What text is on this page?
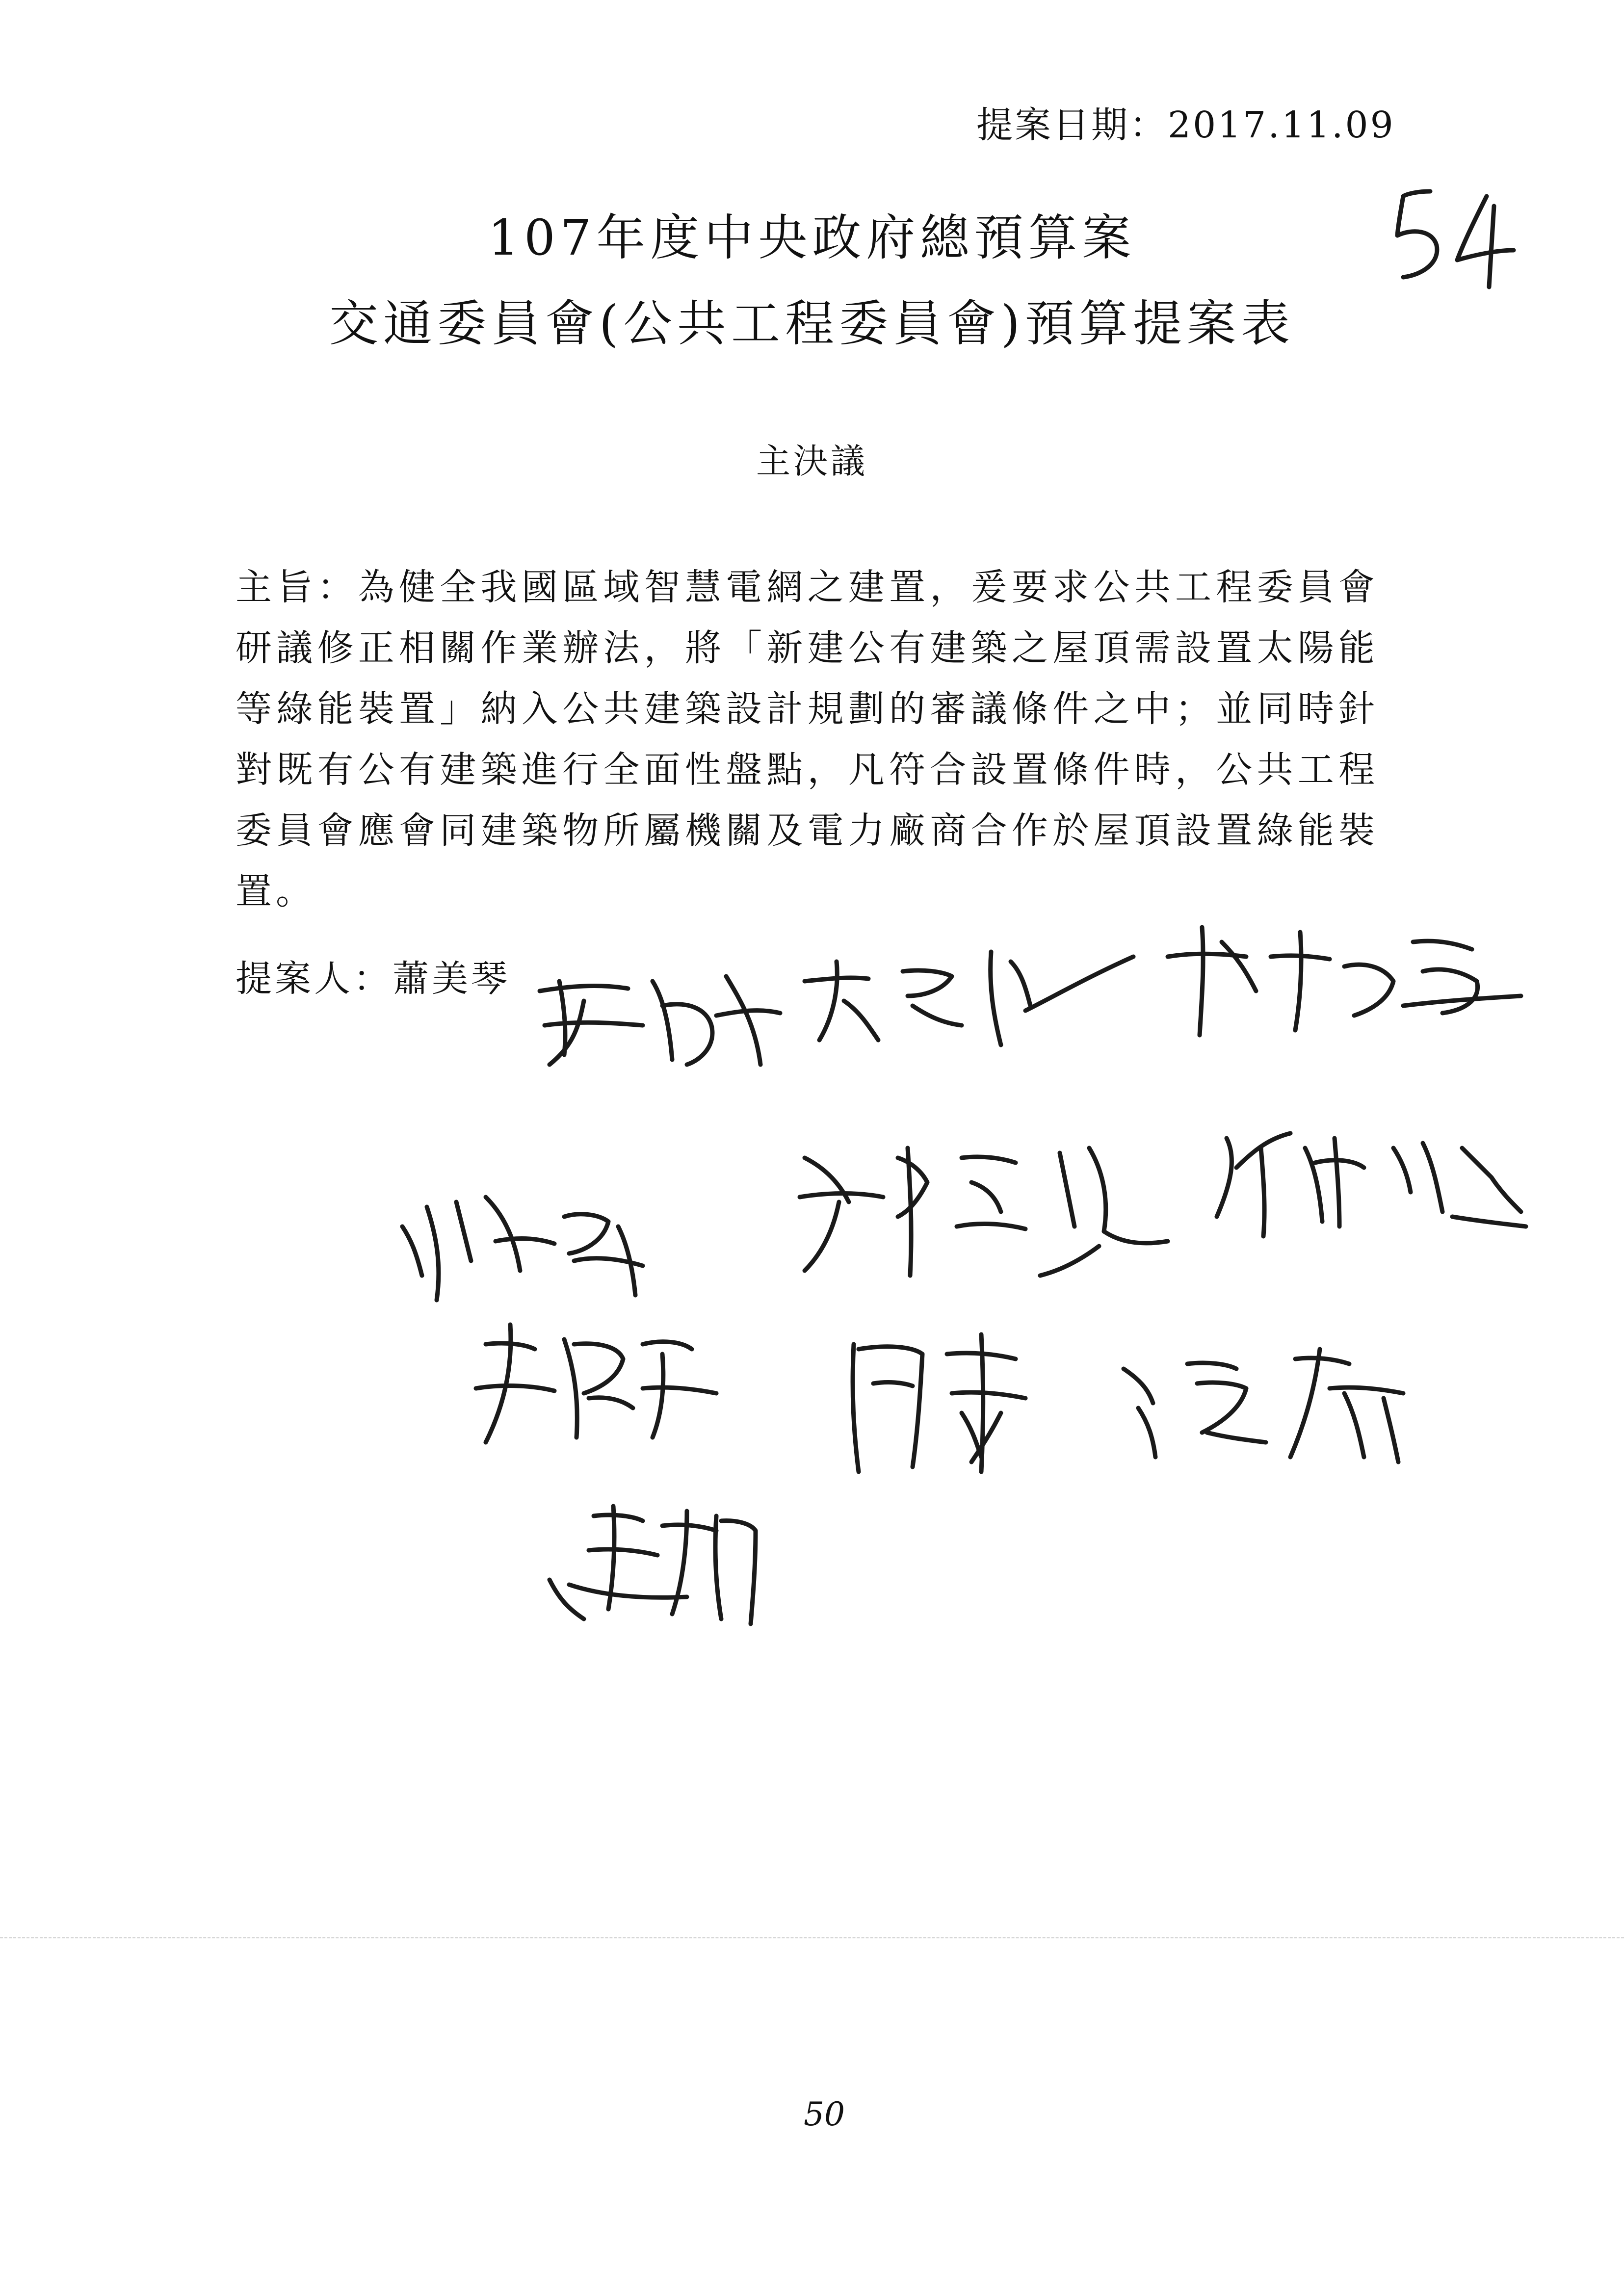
提案日期：2017.11.09
107年度中央政府總預算案
交通委員會(公共工程委員會)預算提案表
主決議
主旨：為健全我國區域智慧電網之建置，爰要求公共工程委員會研議修正相關作業辦法，將「新建公有建築之屋頂需設置太陽能等綠能裝置」納入公共建築設計規劃的審議條件之中；並同時針對既有公有建築進行全面性盤點，凡符合設置條件時，公共工程委員會應會同建築物所屬機關及電力廠商合作於屋頂設置綠能裝置。
提案人：蕭美琴
50
